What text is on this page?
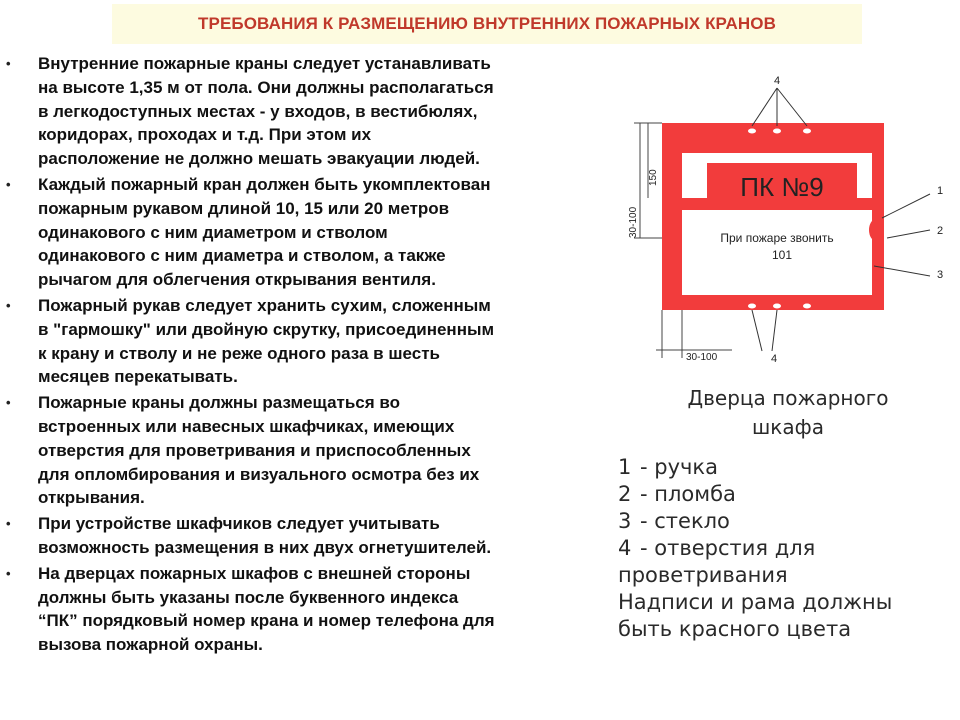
ТРЕБОВАНИЯ К РАЗМЕЩЕНИЮ ВНУТРЕННИХ ПОЖАРНЫХ КРАНОВ
• Внутренние пожарные краны следует устанавливать
на высоте 1,35 м от пола. Они должны располагаться
в легкодоступных местах - у входов, в вестибюлях,
коридорах, проходах и т.д. При этом их
расположение не должно мешать эвакуации людей.
• Каждый пожарный кран должен быть укомплектован
пожарным рукавом длиной 10, 15 или 20 метров
одинакового с ним диаметром и стволом
одинакового с ним диаметра и стволом, а также
рычагом для облегчения открывания вентиля.
• Пожарный рукав следует хранить сухим, сложенным
в "гармошку" или двойную скрутку, присоединенным
к крану и стволу и не реже одного раза в шесть
месяцев перекатывать.
• Пожарные краны должны размещаться во
встроенных или навесных шкафчиках, имеющих
отверстия для проветривания и приспособленных
для опломбирования и визуального осмотра без их
открывания.
• При устройстве шкафчиков следует учитывать
возможность размещения в них двух огнетушителей.
• На дверцах пожарных шкафов с внешней стороны
должны быть указаны после буквенного индекса
“ПК” порядковый номер крана и номер телефона для
вызова пожарной охраны.
ПК №9
При пожаре звонить
101
4
4
1
2
3
30-100
150
30-100
Дверца пожарного
шкафа
1 - ручка
2 - пломба
3 - стекло
4 - отверстия для
проветривания
Надписи и рама должны
быть красного цвета
